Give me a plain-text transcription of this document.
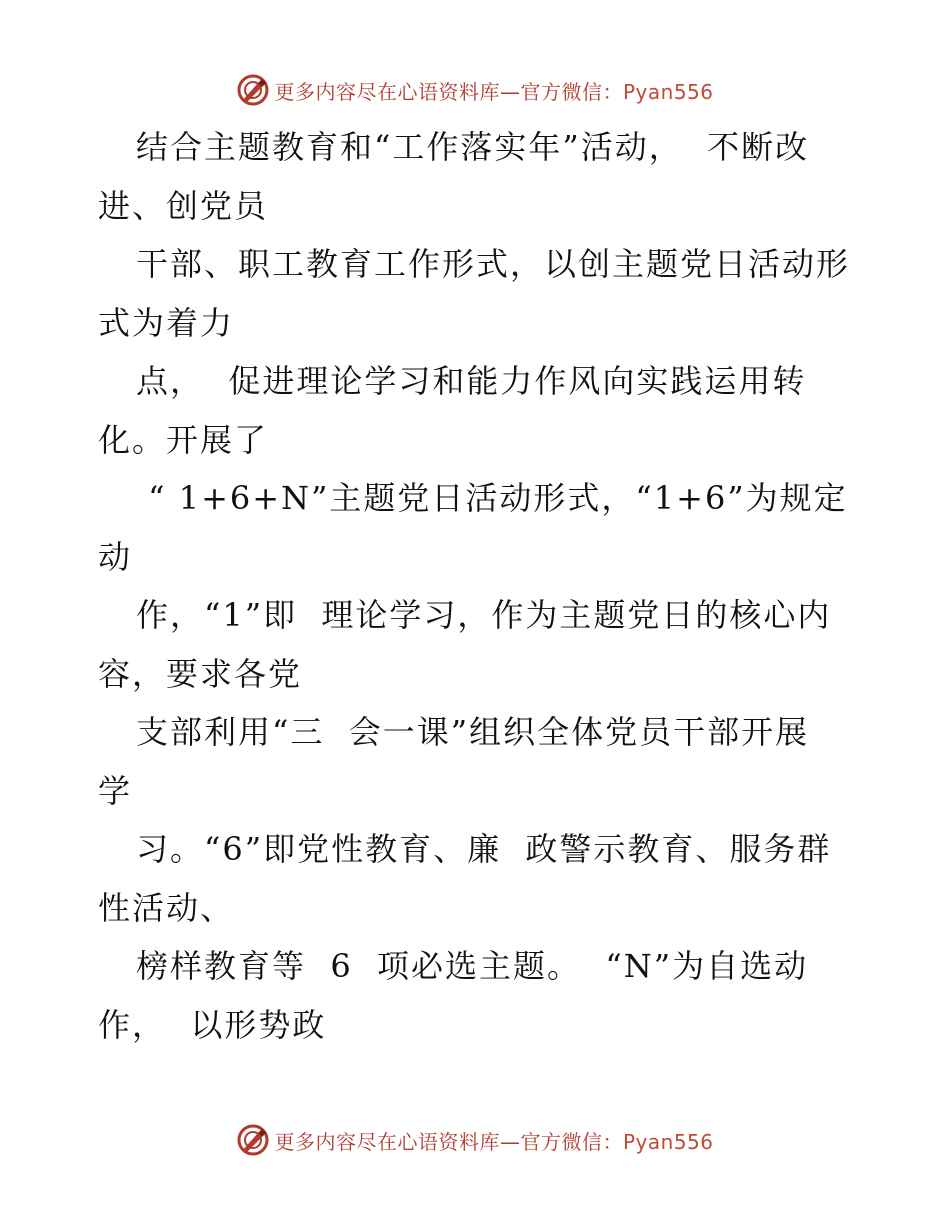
更多内容尽在心语资料库—官方微信：Pyan556
结合主题教育和“工作落实年”活动，  不断改
进、创党员
干部、职工教育工作形式，以创主题党日活动形
式为着力
点，  促进理论学习和能力作风向实践运用转
化。开展了
“ 1+6+N”主题党日活动形式，“1+6”为规定
动
作，“1”即  理论学习，作为主题党日的核心内
容，要求各党
支部利用“三  会一课”组织全体党员干部开展
学
习。“6”即党性教育、廉  政警示教育、服务群
性活动、
榜样教育等  6  项必选主题。  “N”为自选动
作，  以形势政
更多内容尽在心语资料库—官方微信：Pyan556
